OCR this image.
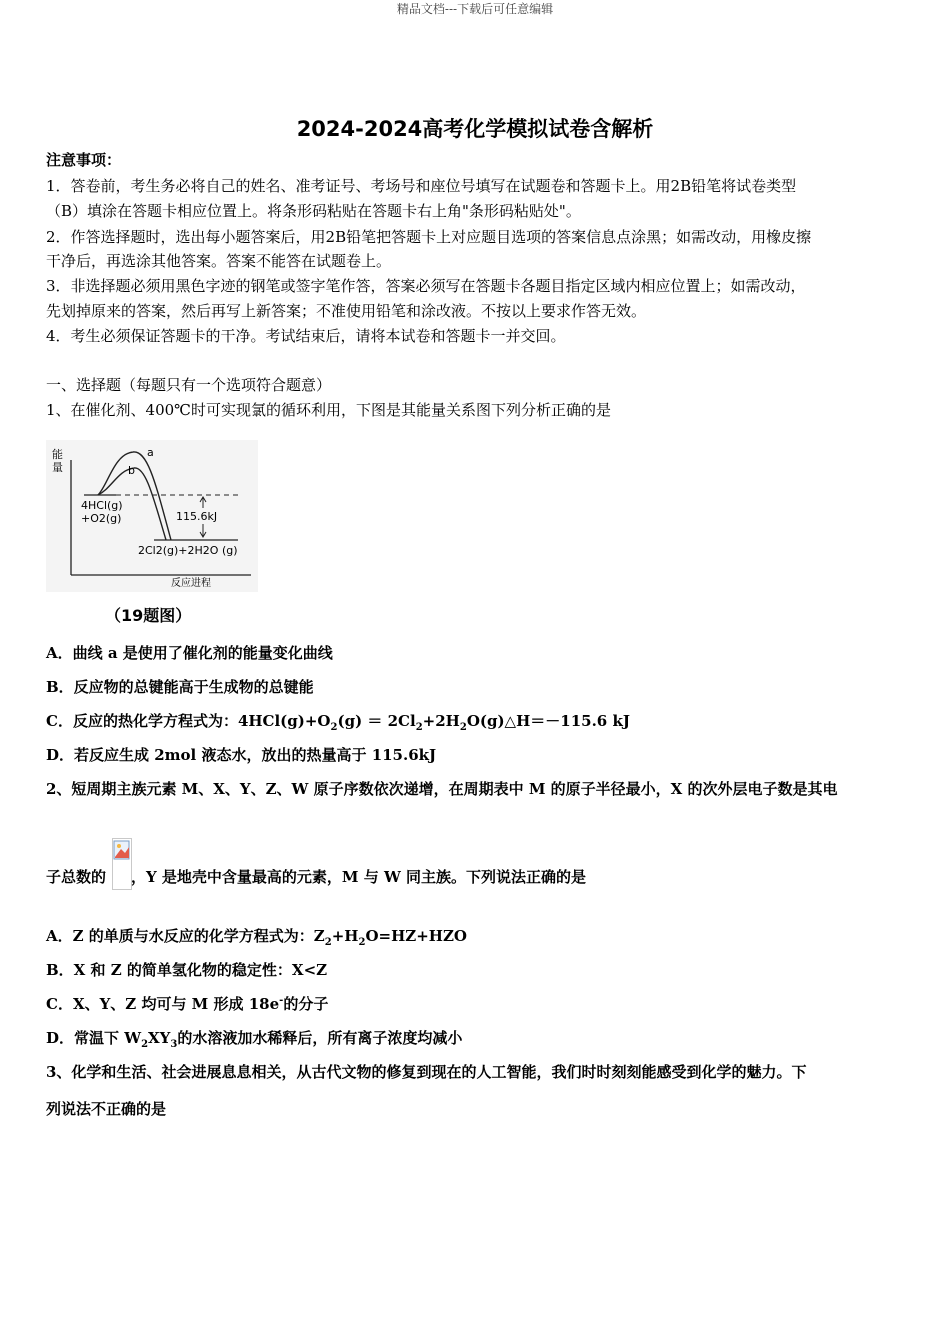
精品文档---下载后可任意编辑
2024-2024高考化学模拟试卷含解析
注意事项：
1．答卷前，考生务必将自己的姓名、准考证号、考场号和座位号填写在试题卷和答题卡上。用2B铅笔将试卷类型
（B）填涂在答题卡相应位置上。将条形码粘贴在答题卡右上角"条形码粘贴处"。
2．作答选择题时，选出每小题答案后，用2B铅笔把答题卡上对应题目选项的答案信息点涂黑；如需改动，用橡皮擦
干净后，再选涂其他答案。答案不能答在试题卷上。
3．非选择题必须用黑色字迹的钢笔或签字笔作答，答案必须写在答题卡各题目指定区域内相应位置上；如需改动，
先划掉原来的答案，然后再写上新答案；不准使用铅笔和涂改液。不按以上要求作答无效。
4．考生必须保证答题卡的干净。考试结束后，请将本试卷和答题卡一并交回。
一、选择题（每题只有一个选项符合题意）
1、在催化剂、400℃时可实现氯的循环利用，下图是其能量关系图下列分析正确的是
能
量
a
b
115.6kJ
4HCl(g)
+O2(g)
2Cl2(g)+2H2O (g)
反应进程
（19题图）
A．曲线 a 是使用了催化剂的能量变化曲线
B．反应物的总键能高于生成物的总键能
C．反应的热化学方程式为：$4HCl(g)+O_2(g)$ ＝ $2Cl_2+2H_2O(g)\triangle H=-115.6$ kJ
D．若反应生成 2mol 液态水，放出的热量高于 115.6kJ
2、短周期主族元素 M、X、Y、Z、W 原子序数依次递增，在周期表中 M 的原子半径最小，X 的次外层电子数是其电
子总数的 ，Y 是地壳中含量最高的元素，M 与 W 同主族。下列说法正确的是
A．Z 的单质与水反应的化学方程式为：$Z_2+H_2O=HZ+HZO$
B．X 和 Z 的简单氢化物的稳定性：X<Z
C．X、Y、Z 均可与 M 形成 18e-的分子
D．常温下 $W_2XY_3$的水溶液加水稀释后，所有离子浓度均减小
3、化学和生活、社会进展息息相关，从古代文物的修复到现在的人工智能，我们时时刻刻能感受到化学的魅力。下
列说法不正确的是
